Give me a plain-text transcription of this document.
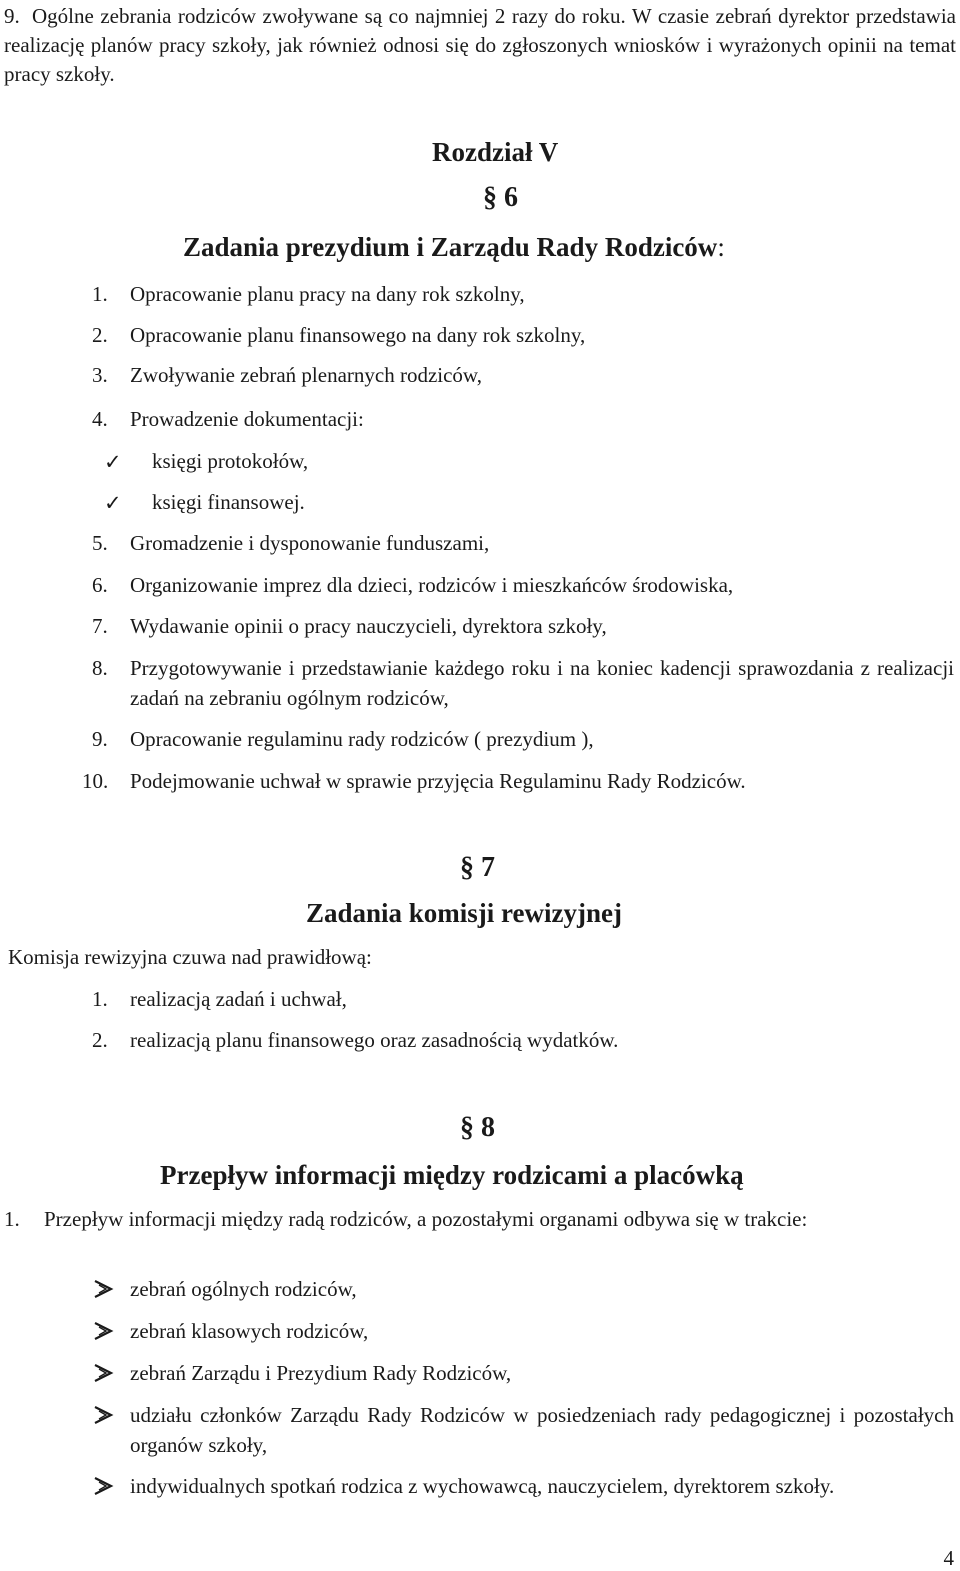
9. Ogólne zebrania rodziców zwoływane są co najmniej 2 razy do roku. W czasie zebrań dyrektor przedstawia realizację planów pracy szkoły, jak również odnosi się do zgłoszonych wniosków i wyrażonych opinii na temat pracy szkoły.

Rozdział V
§ 6
Zadania prezydium i Zarządu Rady Rodziców:
1.	Opracowanie planu pracy na dany rok szkolny,
2.	Opracowanie planu finansowego na dany rok szkolny,
3.	Zwoływanie zebrań plenarnych rodziców,
4.	Prowadzenie dokumentacji:
✓	księgi protokołów,
✓	księgi finansowej.
5.	Gromadzenie i dysponowanie funduszami,
6.	Organizowanie imprez dla dzieci, rodziców i mieszkańców środowiska,
7.	Wydawanie opinii o pracy nauczycieli, dyrektora szkoły,
8.	Przygotowywanie i przedstawianie każdego roku i na koniec kadencji sprawozdania z realizacji zadań na zebraniu ogólnym rodziców,
9.	Opracowanie regulaminu rady rodziców ( prezydium ),
10.	Podejmowanie uchwał w sprawie przyjęcia Regulaminu Rady Rodziców.
§ 7
Zadania komisji rewizyjnej

Komisja rewizyjna czuwa nad prawidłową:

1.	realizacją zadań i uchwał,
2.	realizacją planu finansowego oraz zasadnością wydatków.
§ 8
Przepływ informacji między rodzicami a placówką

1.	Przepływ informacji między radą rodziców, a pozostałymi organami odbywa się w trakcie:

zebrań ogólnych rodziców,
zebrań klasowych rodziców,
zebrań Zarządu i Prezydium Rady Rodziców,
udziału członków Zarządu Rady Rodziców w posiedzeniach rady pedagogicznej i pozostałych organów szkoły,
indywidualnych spotkań rodzica z wychowawcą, nauczycielem, dyrektorem szkoły.
4
